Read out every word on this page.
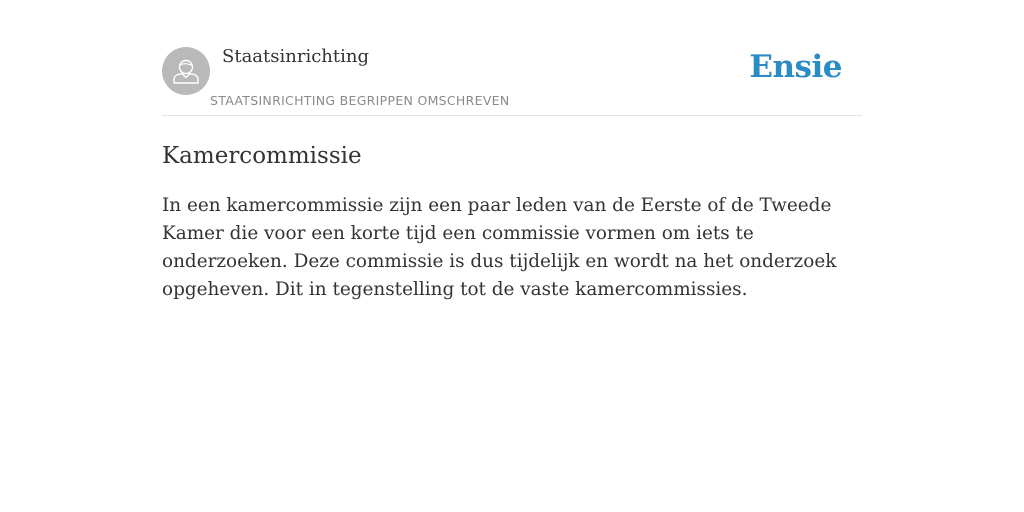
Staatsinrichting
STAATSINRICHTING BEGRIPPEN OMSCHREVEN
Ensie
Kamercommissie

In een kamercommissie zijn een paar leden van de Eerste of de Tweede Kamer die voor een korte tijd een commissie vormen om iets te onderzoeken. Deze commissie is dus tijdelijk en wordt na het onderzoek opgeheven. Dit in tegenstelling tot de vaste kamercommissies.
